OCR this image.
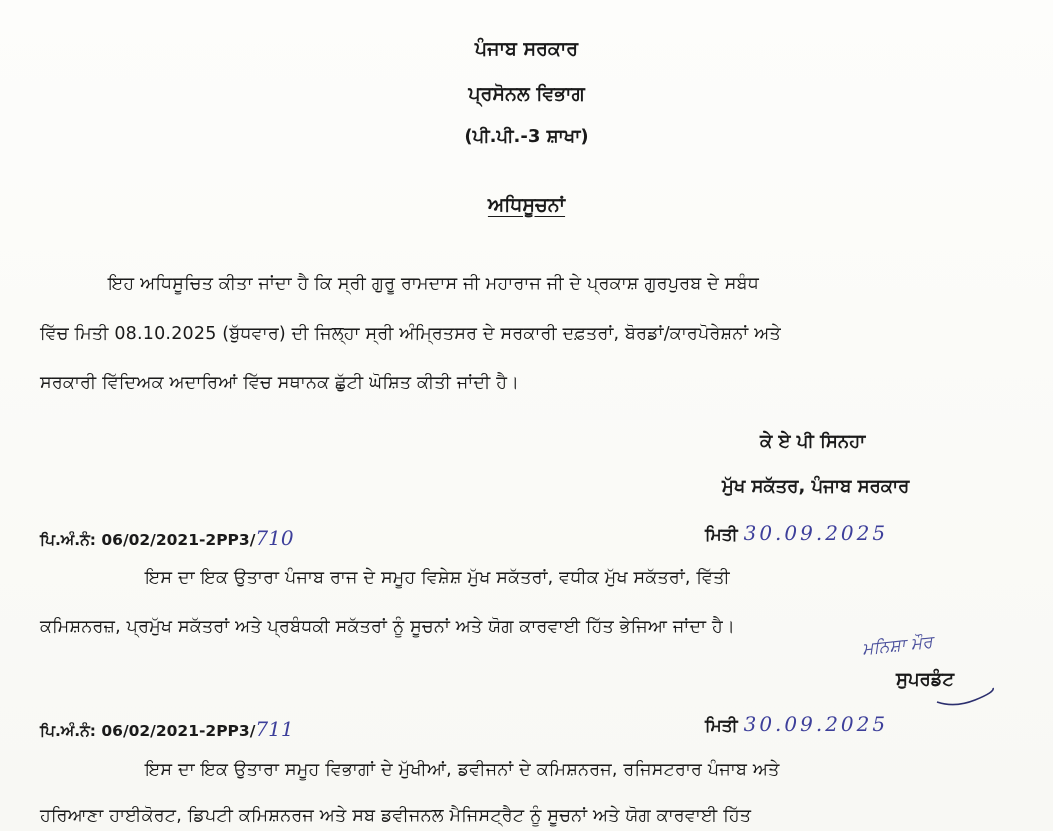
ਪੰਜਾਬ ਸਰਕਾਰ
ਪ੍ਰਸੋਨਲ ਵਿਭਾਗ
(ਪੀ.ਪੀ.-3 ਸ਼ਾਖਾ)
ਅਧਿਸੂਚਨਾਂ
ਇਹ ਅਧਿਸੂਚਿਤ ਕੀਤਾ ਜਾਂਦਾ ਹੈ ਕਿ ਸ੍ਰੀ ਗੁਰੂ ਰਾਮਦਾਸ ਜੀ ਮਹਾਰਾਜ ਜੀ ਦੇ ਪ੍ਰਕਾਸ਼ ਗੁਰਪੁਰਬ ਦੇ ਸਬੰਧ
ਵਿੱਚ ਮਿਤੀ 08.10.2025 (ਬੁੱਧਵਾਰ) ਦੀ ਜਿਲ੍ਹਾ ਸ੍ਰੀ ਅੰਮ੍ਰਿਤਸਰ ਦੇ ਸਰਕਾਰੀ ਦਫ਼ਤਰਾਂ, ਬੋਰਡਾਂ/ਕਾਰਪੋਰੇਸ਼ਨਾਂ ਅਤੇ
ਸਰਕਾਰੀ ਵਿੱਦਿਅਕ ਅਦਾਰਿਆਂ ਵਿੱਚ ਸਥਾਨਕ ਛੁੱਟੀ ਘੋਸ਼ਿਤ ਕੀਤੀ ਜਾਂਦੀ ਹੈ।
ਕੇ ਏ ਪੀ ਸਿਨਹਾ
ਮੁੱਖ ਸਕੱਤਰ, ਪੰਜਾਬ ਸਰਕਾਰ
ਪਿ.ਅੰ.ਨੰ: 06/02/2021-2PP3/710	ਮਿਤੀ 30.09.2025
ਇਸ ਦਾ ਇਕ ਉਤਾਰਾ ਪੰਜਾਬ ਰਾਜ ਦੇ ਸਮੂਹ ਵਿਸ਼ੇਸ਼ ਮੁੱਖ ਸਕੱਤਰਾਂ, ਵਧੀਕ ਮੁੱਖ ਸਕੱਤਰਾਂ, ਵਿੱਤੀ
ਕਮਿਸ਼ਨਰਜ਼, ਪ੍ਰਮੁੱਖ ਸਕੱਤਰਾਂ ਅਤੇ ਪ੍ਰਬੰਧਕੀ ਸਕੱਤਰਾਂ ਨੂੰ ਸੂਚਨਾਂ ਅਤੇ ਯੋਗ ਕਾਰਵਾਈ ਹਿੱਤ ਭੇਜਿਆ ਜਾਂਦਾ ਹੈ।
ਮਨਿਸ਼ਾ ਮੌਰ
ਸੁਪਰਡੰਟ
ਪਿ.ਅੰ.ਨੰ: 06/02/2021-2PP3/711	ਮਿਤੀ 30.09.2025
ਇਸ ਦਾ ਇਕ ਉਤਾਰਾ ਸਮੂਹ ਵਿਭਾਗਾਂ ਦੇ ਮੁੱਖੀਆਂ, ਡਵੀਜਨਾਂ ਦੇ ਕਮਿਸ਼ਨਰਜ, ਰਜਿਸਟਰਾਰ ਪੰਜਾਬ ਅਤੇ
ਹਰਿਆਣਾ ਹਾਈਕੋਰਟ, ਡਿਪਟੀ ਕਮਿਸ਼ਨਰਜ ਅਤੇ ਸਬ ਡਵੀਜਨਲ ਮੈਜਿਸਟ੍ਰੈਟ ਨੂੰ ਸੂਚਨਾਂ ਅਤੇ ਯੋਗ ਕਾਰਵਾਈ ਹਿੱਤ
